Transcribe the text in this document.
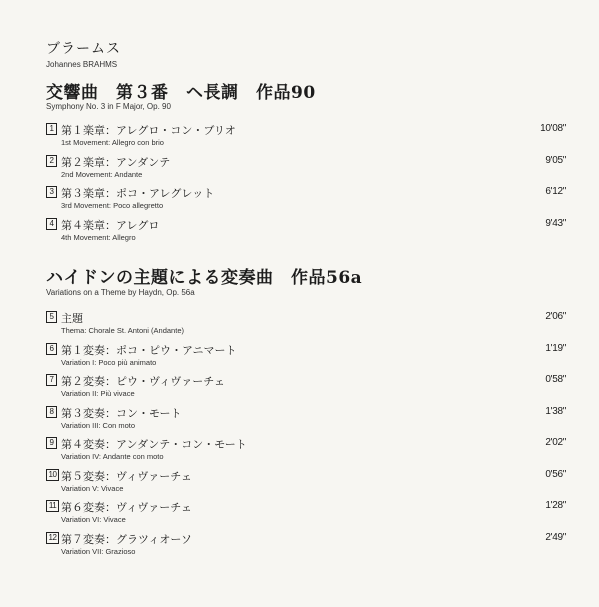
ブラームス
Johannes BRAHMS
交響曲　第３番　ヘ長調　作品90
Symphony No. 3 in F Major, Op. 90
1 第１楽章：アレグロ・コン・ブリオ
1st Movement: Allegro con brio
10'08"
2 第２楽章：アンダンテ
2nd Movement: Andante
9'05"
3 第３楽章：ポコ・アレグレット
3rd Movement: Poco allegretto
6'12"
4 第４楽章：アレグロ
4th Movement: Allegro
9'43"
ハイドンの主題による変奏曲　作品56a
Variations on a Theme by Haydn, Op. 56a
5 主題
Thema: Chorale St. Antoni (Andante)
2'06"
6 第１変奏：ポコ・ピウ・アニマート
Variation I: Poco più animato
1'19"
7 第２変奏：ピウ・ヴィヴァーチェ
Variation II: Più vivace
0'58"
8 第３変奏：コン・モート
Variation III: Con moto
1'38"
9 第４変奏：アンダンテ・コン・モート
Variation IV: Andante con moto
2'02"
10 第５変奏：ヴィヴァーチェ
Variation V: Vivace
0'56"
11 第６変奏：ヴィヴァーチェ
Variation VI: Vivace
1'28"
12 第７変奏：グラツィオーソ
Variation VII: Grazioso
2'49"
